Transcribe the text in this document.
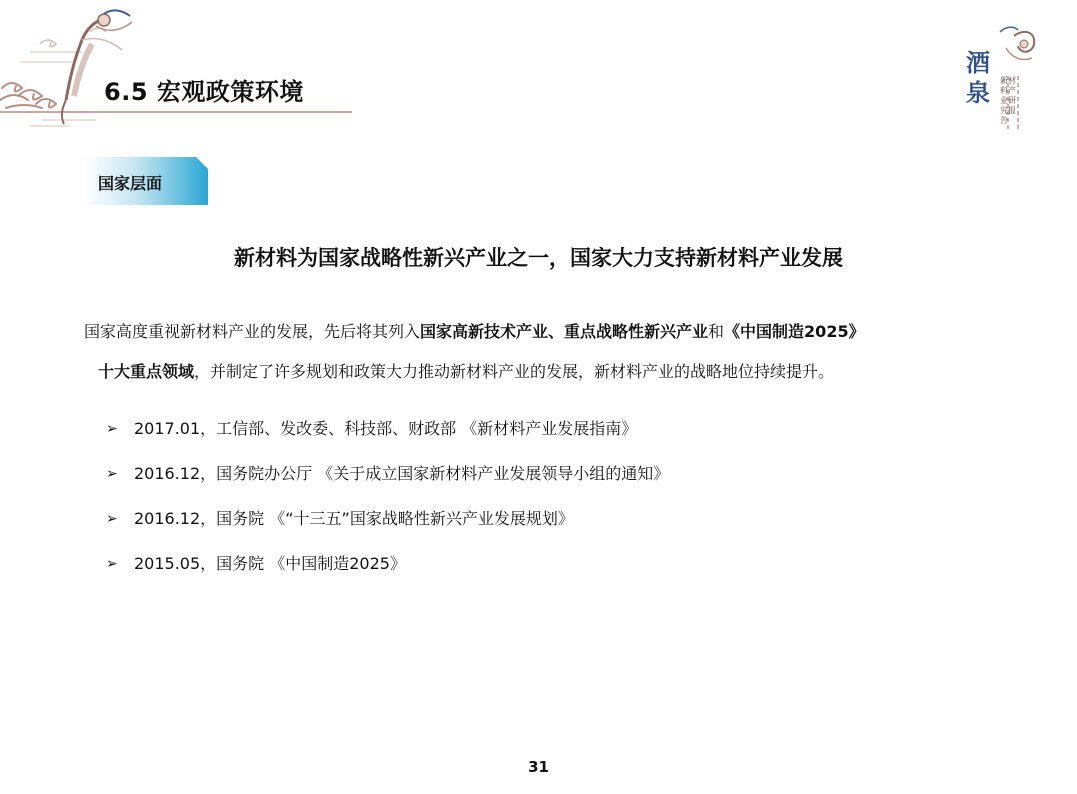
6.5 宏观政策环境
酒泉	新材料产业研究报告
国家层面
新材料为国家战略性新兴产业之一，国家大力支持新材料产业发展
国家高度重视新材料产业的发展，先后将其列入国家高新技术产业、重点战略性新兴产业和《中国制造2025》
十大重点领域，并制定了许多规划和政策大力推动新材料产业的发展，新材料产业的战略地位持续提升。
➢	2017.01，工信部、发改委、科技部、财政部 《新材料产业发展指南》
➢	2016.12，国务院办公厅 《关于成立国家新材料产业发展领导小组的通知》
➢	2016.12，国务院 《“十三五”国家战略性新兴产业发展规划》
➢	2015.05，国务院 《中国制造2025》
31
